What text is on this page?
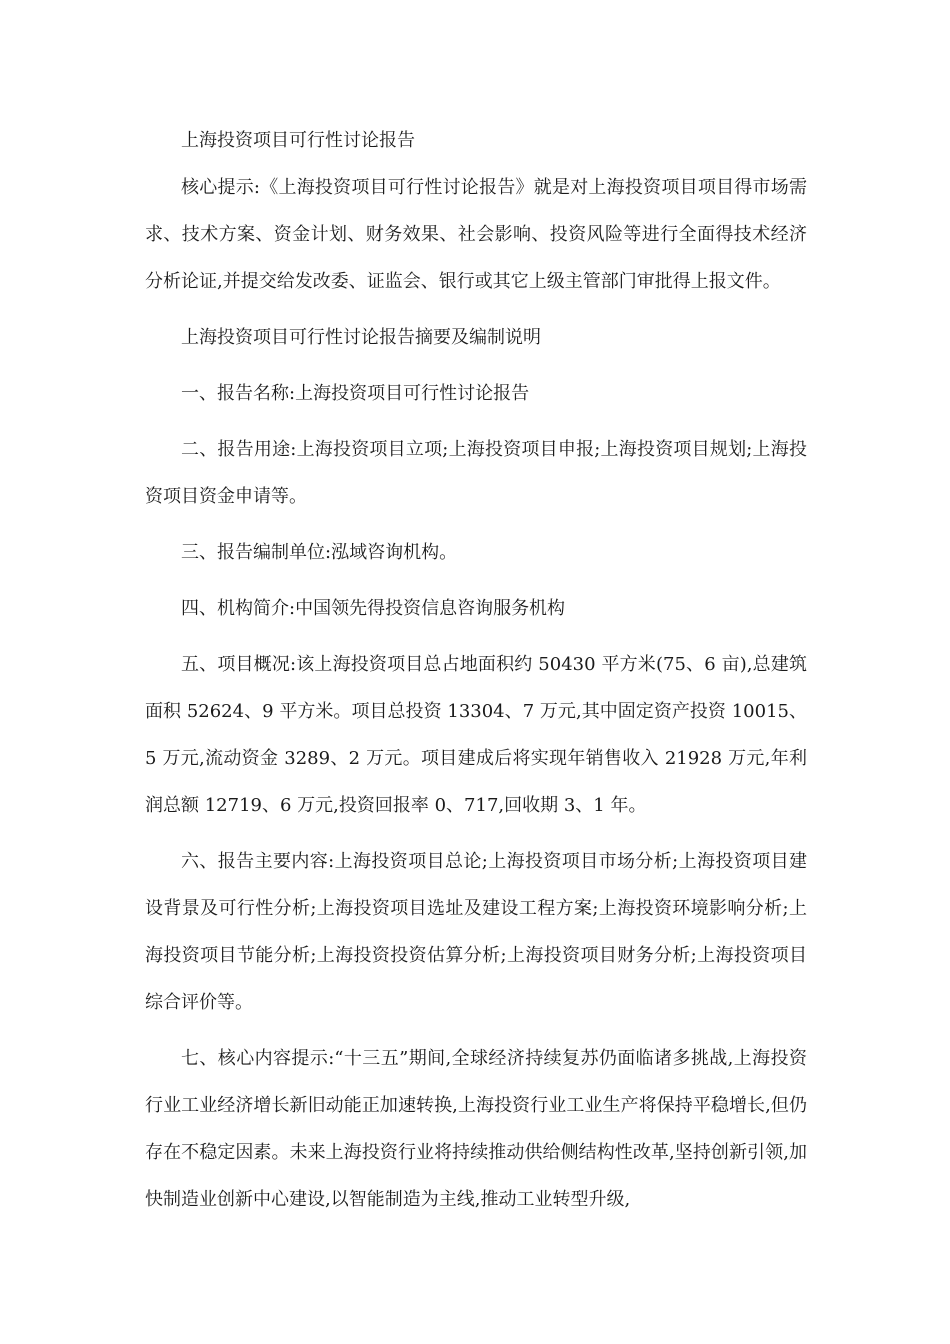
上海投资项目可行性讨论报告

核心提示:《上海投资项目可行性讨论报告》就是对上海投资项目项目得市场需求、技术方案、资金计划、财务效果、社会影响、投资风险等进行全面得技术经济分析论证,并提交给发改委、证监会、银行或其它上级主管部门审批得上报文件。

上海投资项目可行性讨论报告摘要及编制说明

一、报告名称:上海投资项目可行性讨论报告

二、报告用途:上海投资项目立项;上海投资项目申报;上海投资项目规划;上海投资项目资金申请等。

三、报告编制单位:泓域咨询机构。

四、机构简介:中国领先得投资信息咨询服务机构

五、项目概况:该上海投资项目总占地面积约 50430 平方米(75、6 亩),总建筑面积 52624、9 平方米。项目总投资 13304、7 万元,其中固定资产投资 10015、5 万元,流动资金 3289、2 万元。项目建成后将实现年销售收入 21928 万元,年利润总额 12719、6 万元,投资回报率 0、717,回收期 3、1 年。

六、报告主要内容:上海投资项目总论;上海投资项目市场分析;上海投资项目建设背景及可行性分析;上海投资项目选址及建设工程方案;上海投资环境影响分析;上海投资项目节能分析;上海投资投资估算分析;上海投资项目财务分析;上海投资项目综合评价等。

七、核心内容提示:“十三五”期间,全球经济持续复苏仍面临诸多挑战,上海投资行业工业经济增长新旧动能正加速转换,上海投资行业工业生产将保持平稳增长,但仍存在不稳定因素。未来上海投资行业将持续推动供给侧结构性改革,坚持创新引领,加快制造业创新中心建设,以智能制造为主线,推动工业转型升级,
